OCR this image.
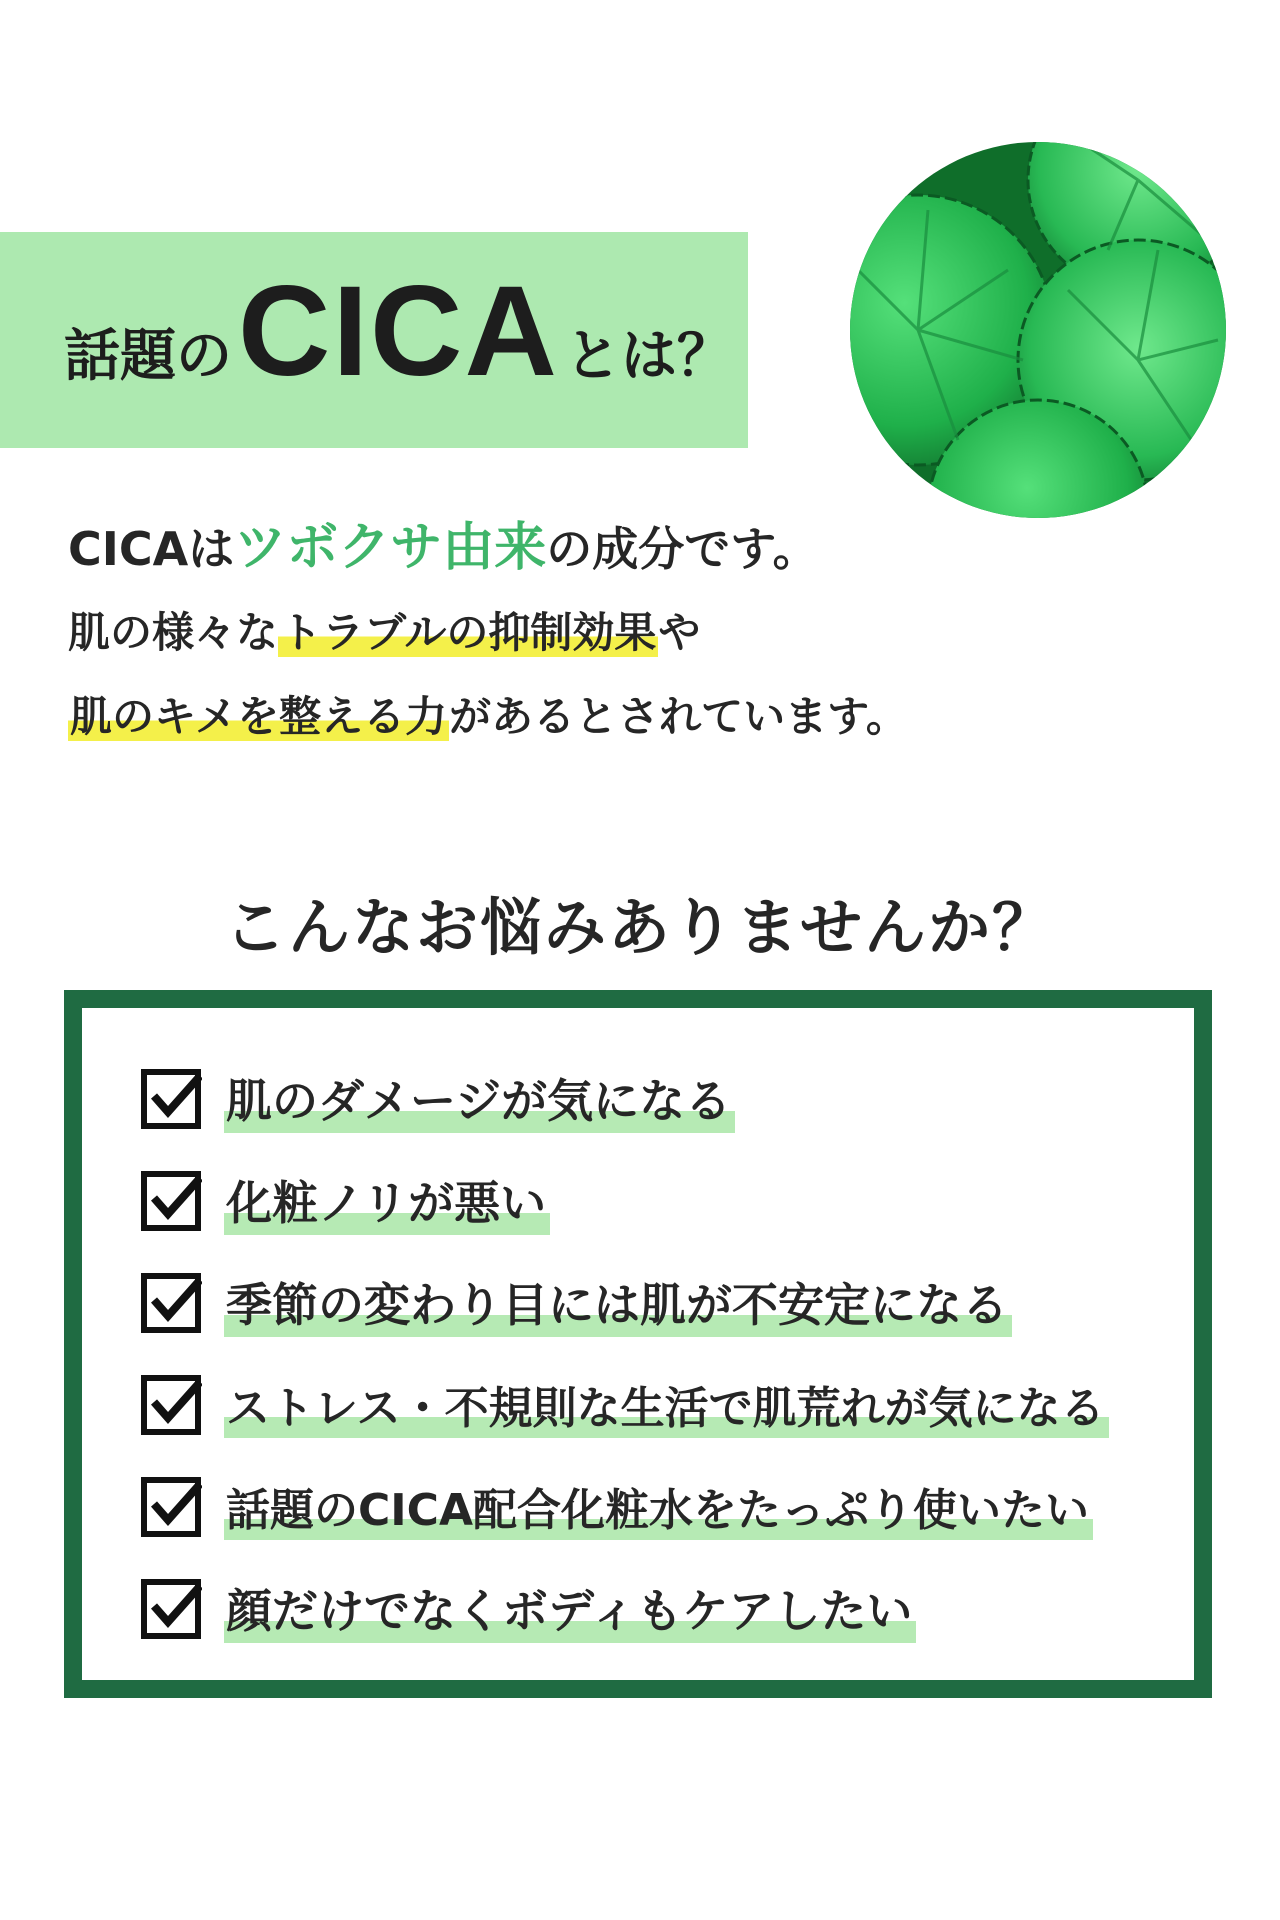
話題のCICA とは？
CICAはツボクサ由来の成分です。
肌の様々なトラブルの抑制効果や
肌のキメを整える力があるとされています。
こんなお悩みありませんか？
肌のダメージが気になる
化粧ノリが悪い
季節の変わり目には肌が不安定になる
ストレス・不規則な生活で肌荒れが気になる
話題のCICA配合化粧水をたっぷり使いたい
顔だけでなくボディもケアしたい
